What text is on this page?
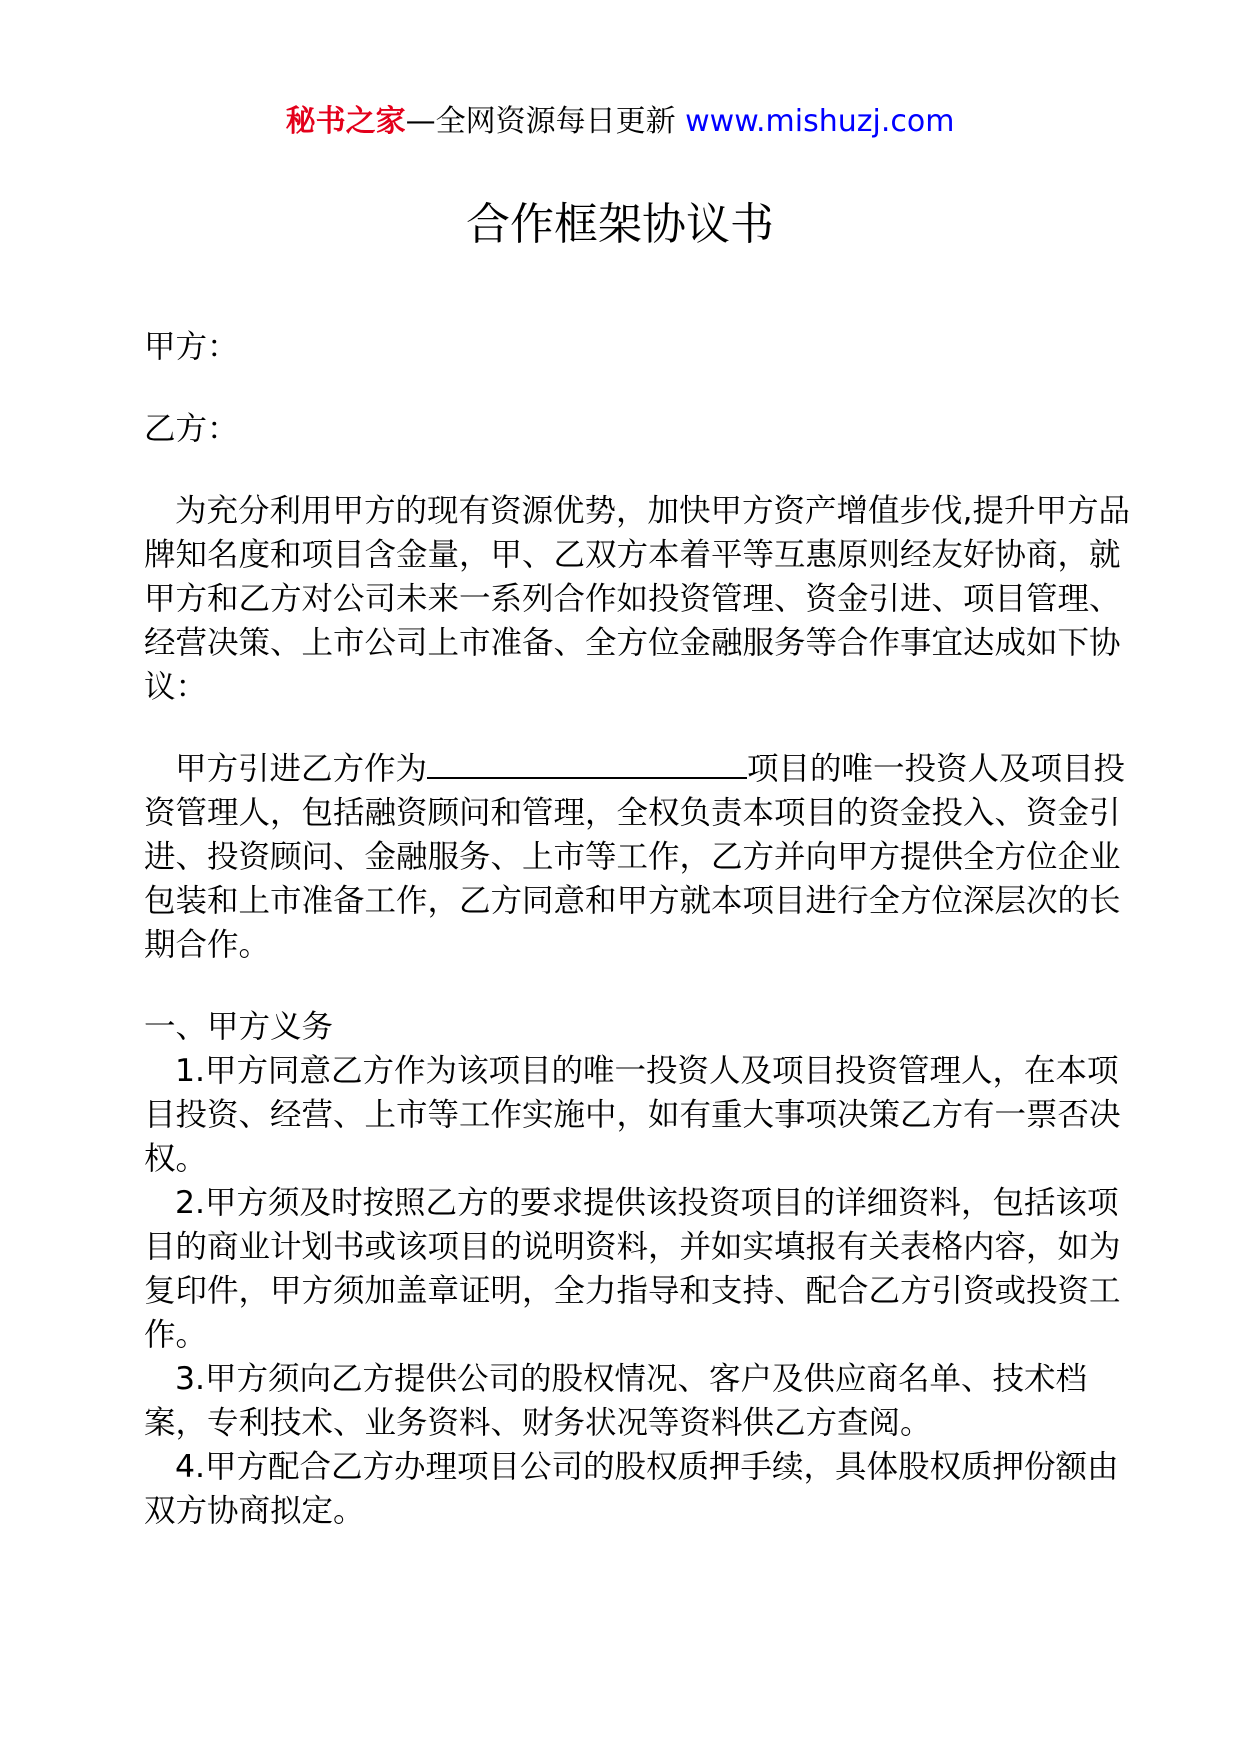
秘书之家—全网资源每日更新 www.mishuzj.com
合作框架协议书

甲方：

乙方：

为充分利用甲方的现有资源优势，加快甲方资产增值步伐,提升甲方品牌知名度和项目含金量，甲、乙双方本着平等互惠原则经友好协商，就甲方和乙方对公司未来一系列合作如投资管理、资金引进、项目管理、经营决策、上市公司上市准备、全方位金融服务等合作事宜达成如下协议：

甲方引进乙方作为	项目的唯一投资人及项目投资管理人，包括融资顾问和管理，全权负责本项目的资金投入、资金引进、投资顾问、金融服务、上市等工作，乙方并向甲方提供全方位企业包装和上市准备工作，乙方同意和甲方就本项目进行全方位深层次的长期合作。

一、甲方义务

1.甲方同意乙方作为该项目的唯一投资人及项目投资管理人，在本项目投资、经营、上市等工作实施中，如有重大事项决策乙方有一票否决权。

2.甲方须及时按照乙方的要求提供该投资项目的详细资料，包括该项目的商业计划书或该项目的说明资料，并如实填报有关表格内容，如为复印件，甲方须加盖章证明，全力指导和支持、配合乙方引资或投资工作。

3.甲方须向乙方提供公司的股权情况、客户及供应商名单、技术档案，专利技术、业务资料、财务状况等资料供乙方查阅。

4.甲方配合乙方办理项目公司的股权质押手续，具体股权质押份额由双方协商拟定。
